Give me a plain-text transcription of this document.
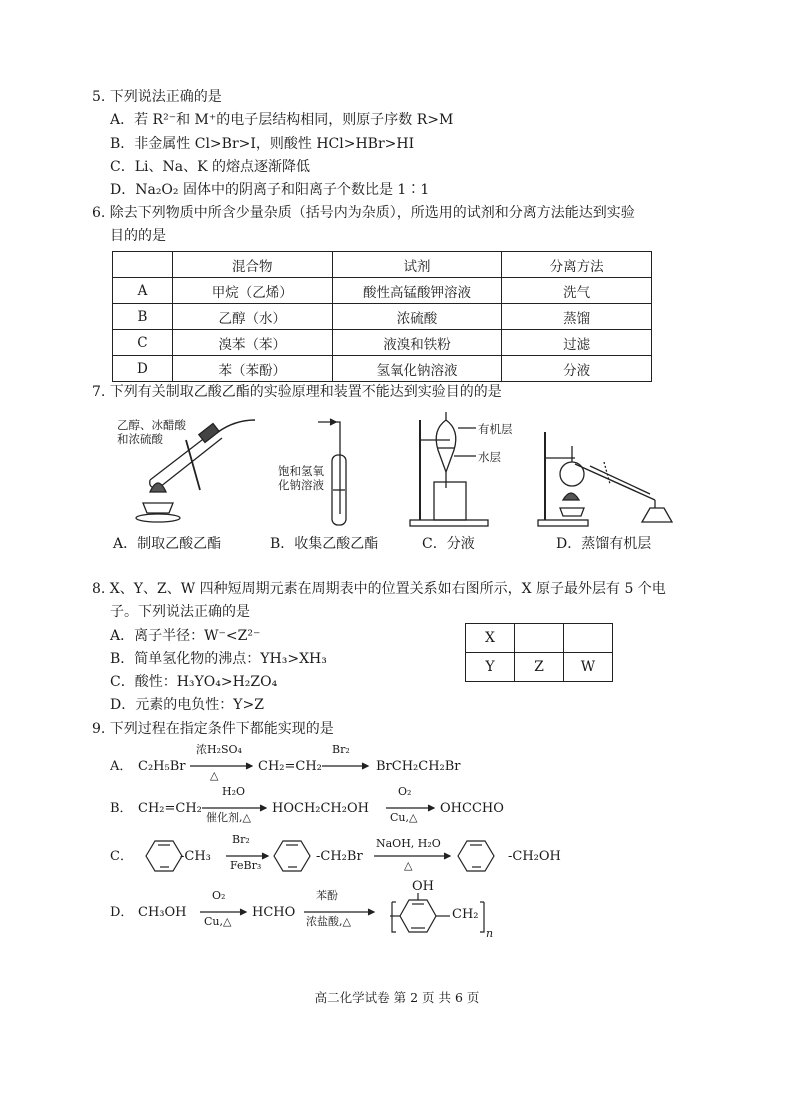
5. 下列说法正确的是
A．若 R²⁻和 M⁺的电子层结构相同，则原子序数 R>M
B．非金属性 Cl>Br>I，则酸性 HCl>HBr>HI
C．Li、Na、K 的熔点逐渐降低
D．Na₂O₂ 固体中的阴离子和阳离子个数比是 1∶1
6. 除去下列物质中所含少量杂质（括号内为杂质），所选用的试剂和分离方法能达到实验
目的的是
	混合物	试剂	分离方法
A	甲烷（乙烯）	酸性高锰酸钾溶液	洗气
B	乙醇（水）	浓硫酸	蒸馏
C	溴苯（苯）	液溴和铁粉	过滤
D	苯（苯酚）	氢氧化钠溶液	分液
7. 下列有关制取乙酸乙酯的实验原理和装置不能达到实验目的的是
乙醇、冰醋酸和浓硫酸
饱和氢氧化钠溶液
有机层
水层
A．制取乙酸乙酯	B．收集乙酸乙酯	C．分液	D．蒸馏有机层
8. X、Y、Z、W 四种短周期元素在周期表中的位置关系如右图所示，X 原子最外层有 5 个电
子。下列说法正确的是
A．离子半径：W⁻<Z²⁻
B．简单氢化物的沸点：YH₃>XH₃
C．酸性：H₃YO₄>H₂ZO₄
D．元素的电负性：Y>Z
X		
Y	Z	W
9. 下列过程在指定条件下都能实现的是
A． C₂H₅Br
浓H₂SO₄
△
CH₂=CH₂
Br₂
BrCH₂CH₂Br
B． CH₂=CH₂
H₂O
催化剂,△
HOCH₂CH₂OH
O₂
Cu,△
OHCCHO
C．	-CH₃
Br₂
FeBr₃
-CH₂Br
NaOH, H₂O
△
-CH₂OH
D． CH₃OH
O₂
Cu,△
HCHO
苯酚
浓盐酸,△
OH
CH₂
n
高二化学试卷 第 2 页 共 6 页
